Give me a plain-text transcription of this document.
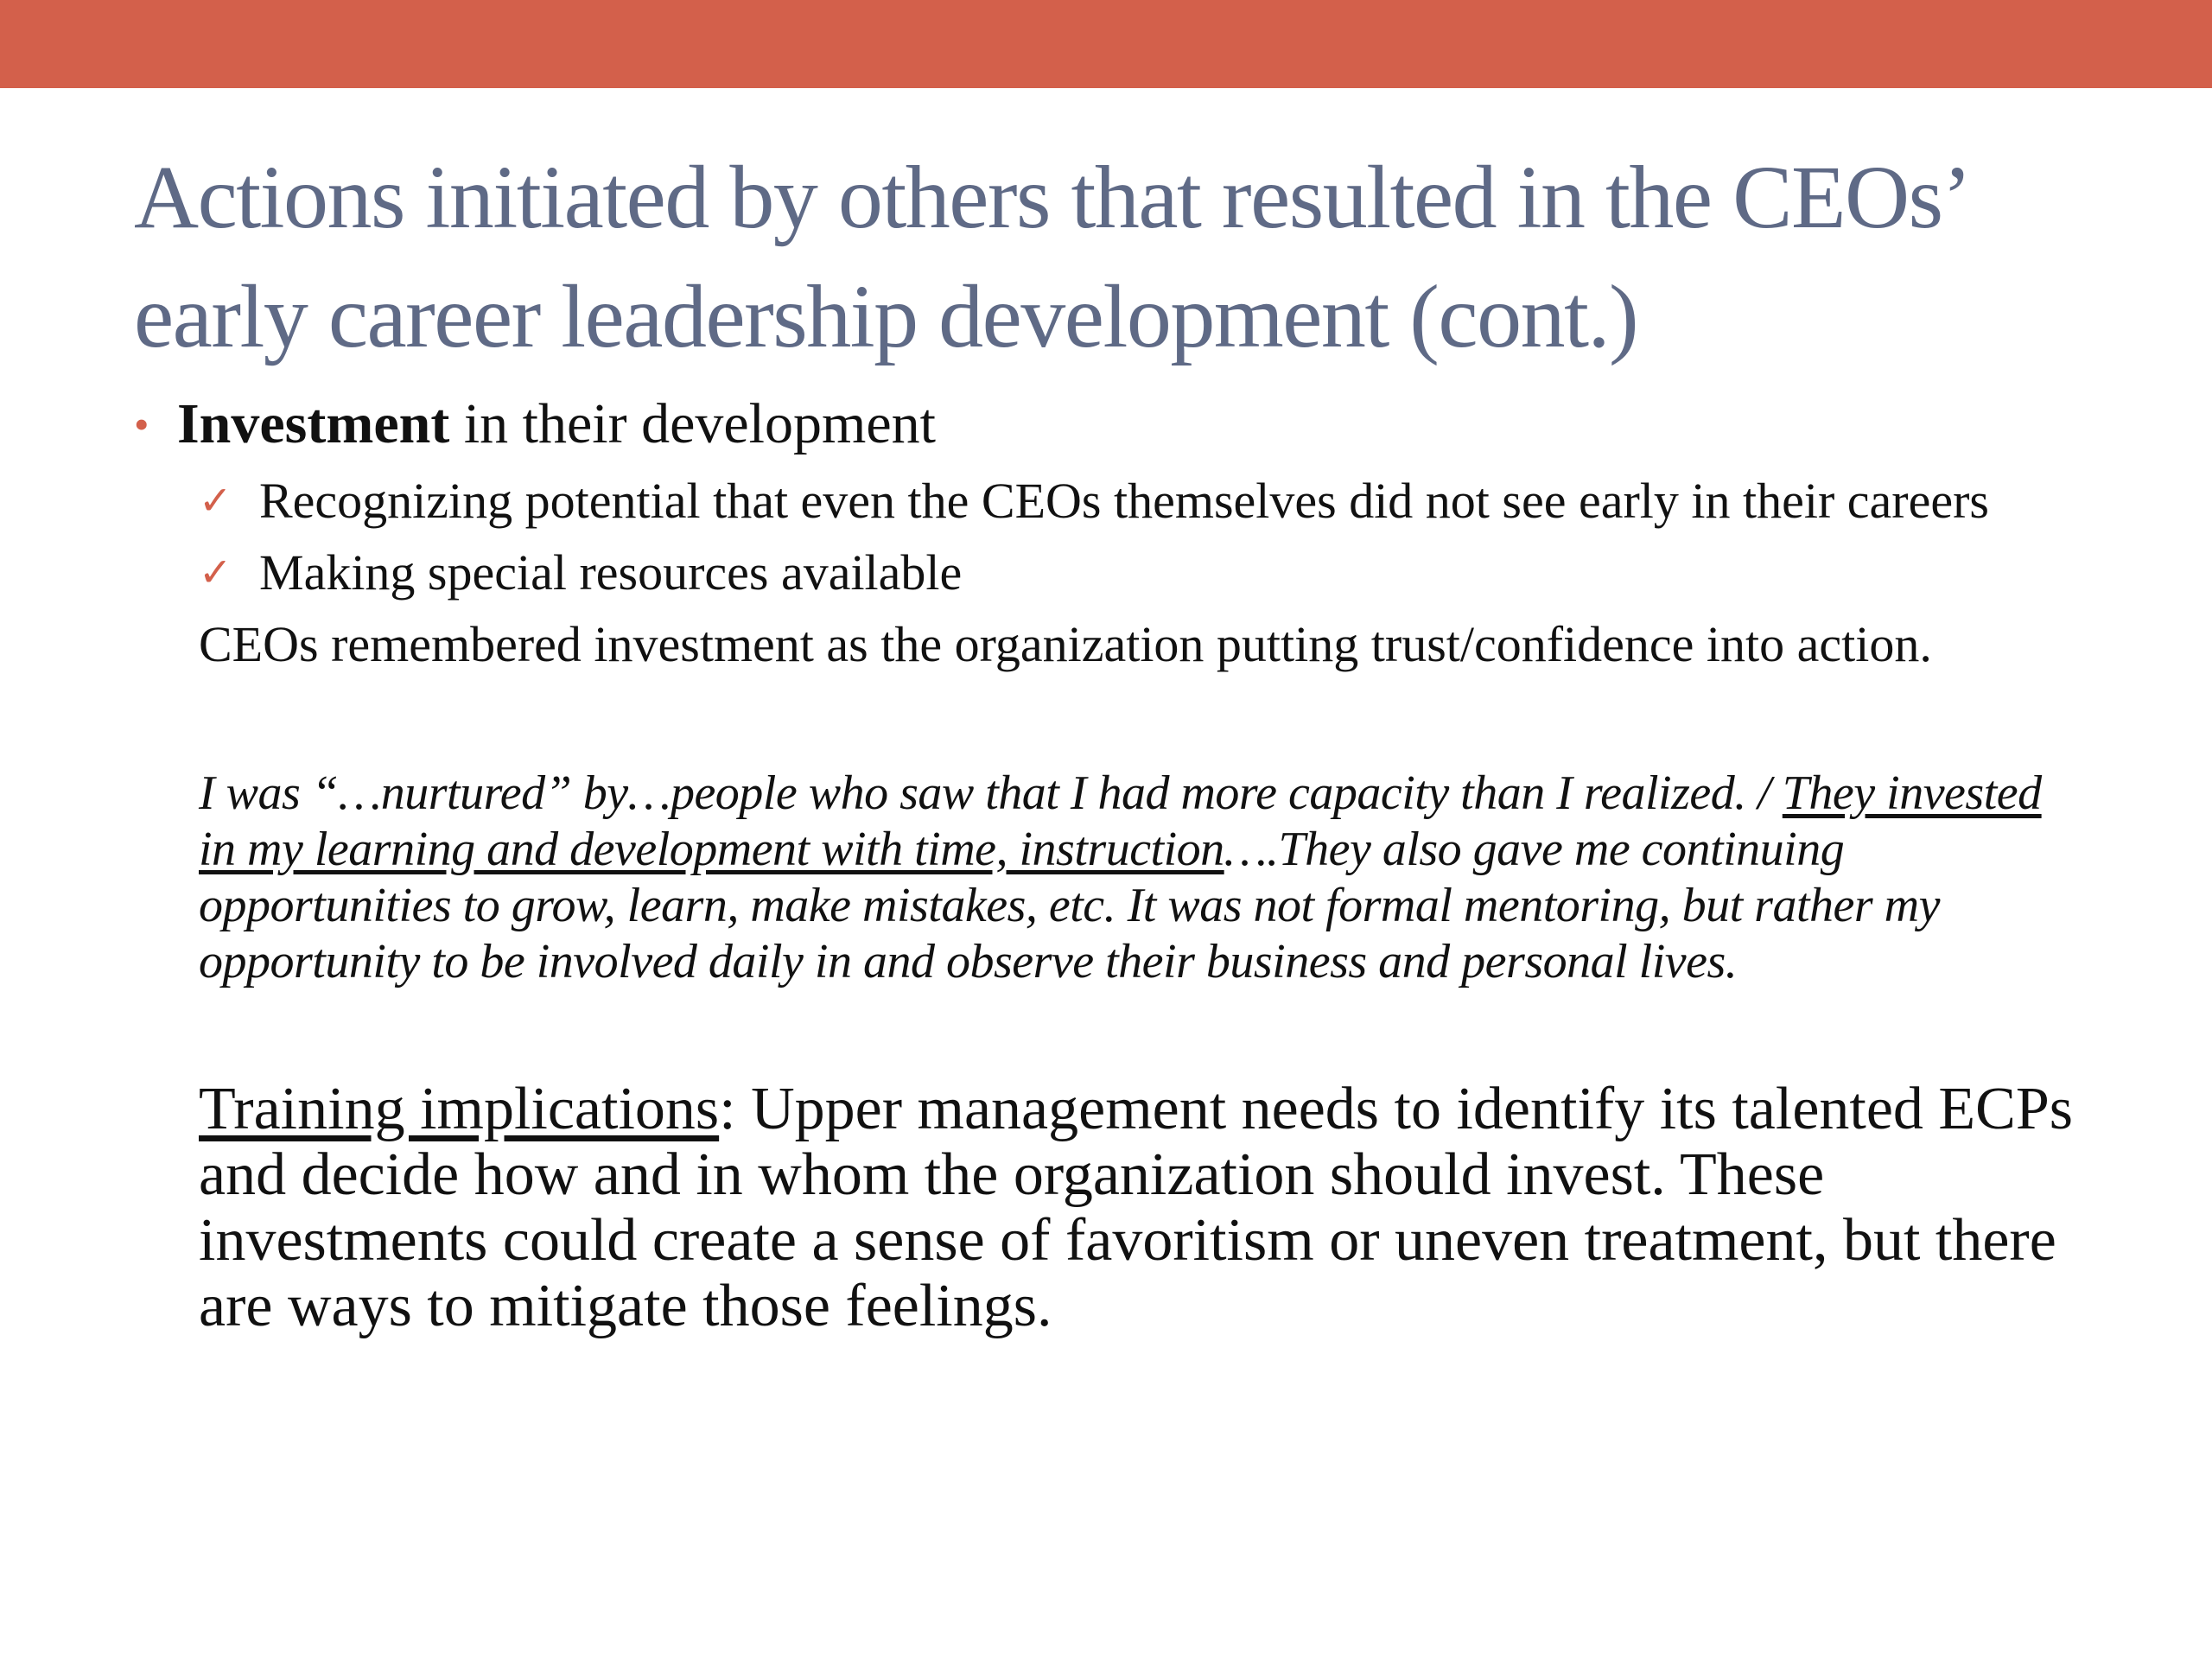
Actions initiated by others that resulted in the CEOs’
early career leadership development (cont.)
• Investment in their development
✓ Recognizing potential that even the CEOs themselves did not see early in their careers
✓ Making special resources available
CEOs remembered investment as the organization putting trust/confidence into action.
I was “…nurtured” by…people who saw that I had more capacity than I realized. / They invested in my learning and development with time, instruction….They also gave me continuing opportunities to grow, learn, make mistakes, etc. It was not formal mentoring, but rather my opportunity to be involved daily in and observe their business and personal lives.
Training implications: Upper management needs to identify its talented ECPs and decide how and in whom the organization should invest. These investments could create a sense of favoritism or uneven treatment, but there are ways to mitigate those feelings.
